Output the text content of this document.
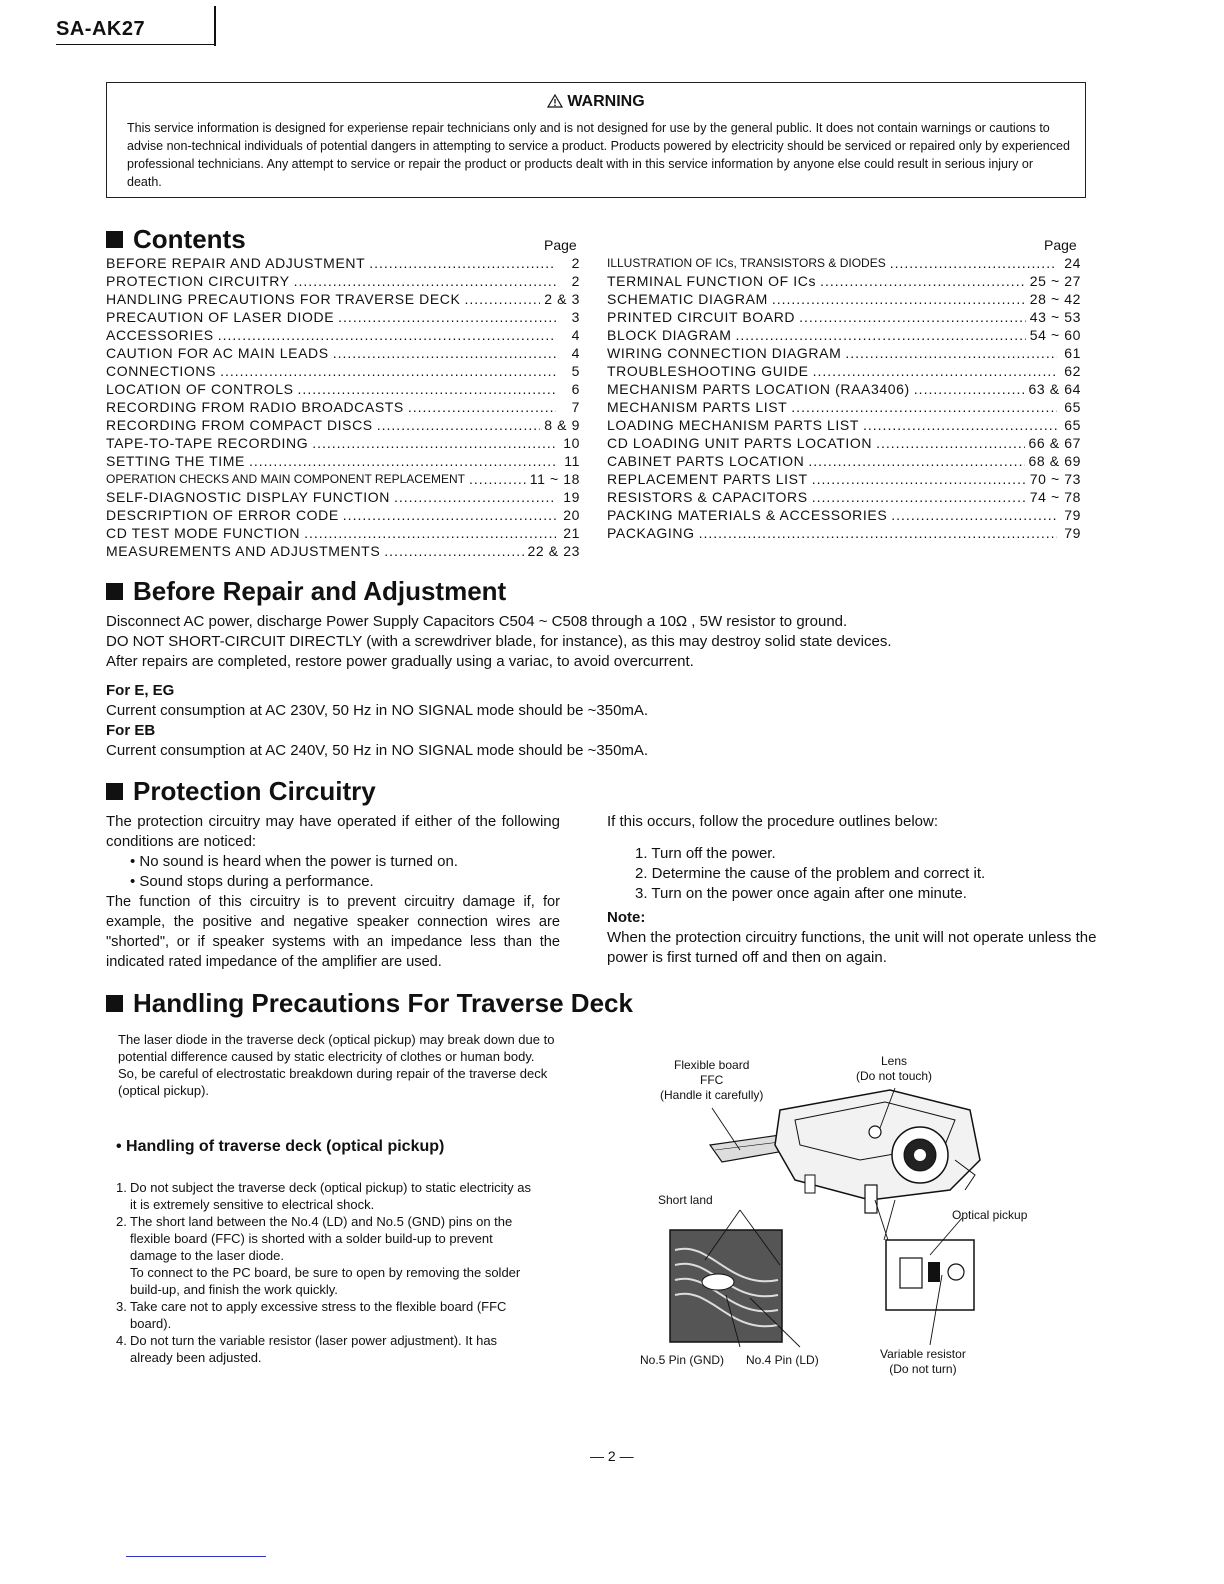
SA-AK27
WARNING
This service information is designed for experiense repair technicians only and is not designed for use by the general public. It does not contain warnings or cautions to advise non-technical individuals of potential dangers in attempting to service a product. Products powered by electricity should be serviced or repaired only by experienced professional technicians. Any attempt to service or repair the product or products dealt with in this service information by anyone else could result in serious injury or death.
Contents	Page	Page
BEFORE REPAIR AND ADJUSTMENT .....	2
PROTECTION CIRCUITRY .....	2
HANDLING PRECAUTIONS FOR TRAVERSE DECK .....	2 & 3
PRECAUTION OF LASER DIODE .....	3
ACCESSORIES .....	4
CAUTION FOR AC MAIN LEADS .....	4
CONNECTIONS .....	5
LOCATION OF CONTROLS .....	6
RECORDING FROM RADIO BROADCASTS .....	7
RECORDING FROM COMPACT DISCS .....	8 & 9
TAPE-TO-TAPE RECORDING .....	10
SETTING THE TIME .....	11
OPERATION CHECKS AND MAIN COMPONENT REPLACEMENT .....	11 ~ 18
SELF-DIAGNOSTIC DISPLAY FUNCTION .....	19
DESCRIPTION OF ERROR CODE .....	20
CD TEST MODE FUNCTION .....	21
MEASUREMENTS AND ADJUSTMENTS .....	22 & 23
ILLUSTRATION OF ICs, TRANSISTORS & DIODES .....	24
TERMINAL FUNCTION OF ICs .....	25 ~ 27
SCHEMATIC DIAGRAM .....	28 ~ 42
PRINTED CIRCUIT BOARD .....	43 ~ 53
BLOCK DIAGRAM .....	54 ~ 60
WIRING CONNECTION DIAGRAM .....	61
TROUBLESHOOTING GUIDE .....	62
MECHANISM PARTS LOCATION (RAA3406) .....	63 & 64
MECHANISM PARTS LIST .....	65
LOADING MECHANISM PARTS LIST .....	65
CD LOADING UNIT PARTS LOCATION .....	66 & 67
CABINET PARTS LOCATION .....	68 & 69
REPLACEMENT PARTS LIST .....	70 ~ 73
RESISTORS & CAPACITORS .....	74 ~ 78
PACKING MATERIALS & ACCESSORIES .....	79
PACKAGING .....	79
Before Repair and Adjustment
Disconnect AC power, discharge Power Supply Capacitors C504 ~ C508 through a 10Ω , 5W resistor to ground.
DO NOT SHORT-CIRCUIT DIRECTLY (with a screwdriver blade, for instance), as this may destroy solid state devices.
After repairs are completed, restore power gradually using a variac, to avoid overcurrent.
For E, EG
Current consumption at AC 230V, 50 Hz in NO SIGNAL mode should be ~350mA.
For EB
Current consumption at AC 240V, 50 Hz in NO SIGNAL mode should be ~350mA.
Protection Circuitry
The protection circuitry may have operated if either of the following conditions are noticed:
• No sound is heard when the power is turned on.
• Sound stops during a performance.
The function of this circuitry is to prevent circuitry damage if, for example, the positive and negative speaker connection wires are "shorted", or if speaker systems with an impedance less than the indicated rated impedance of the amplifier are used.
If this occurs, follow the procedure outlines below:
1. Turn off the power.
2. Determine the cause of the problem and correct it.
3. Turn on the power once again after one minute.
Note:
When the protection circuitry functions, the unit will not operate unless the power is first turned off and then on again.
Handling Precautions For Traverse Deck
The laser diode in the traverse deck (optical pickup) may break down due to potential difference caused by static electricity of clothes or human body.
So, be careful of electrostatic breakdown during repair of the traverse deck (optical pickup).
• Handling of traverse deck (optical pickup)
1. Do not subject the traverse deck (optical pickup) to static electricity as it is extremely sensitive to electrical shock.
2. The short land between the No.4 (LD) and No.5 (GND) pins on the flexible board (FFC) is shorted with a solder build-up to prevent damage to the laser diode.
To connect to the PC board, be sure to open by removing the solder build-up, and finish the work quickly.
3. Take care not to apply excessive stress to the flexible board (FFC board).
4. Do not turn the variable resistor (laser power adjustment). It has already been adjusted.
Flexible board
FFC
(Handle it carefully)
Lens
(Do not touch)
Short land
Optical pickup
No.5 Pin (GND) No.4 Pin (LD)	Variable resistor
(Do not turn)
— 2 —
